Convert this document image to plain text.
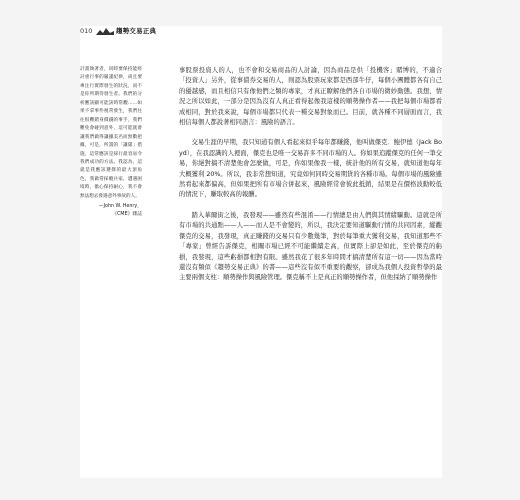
010	趨勢交易正典

計畫執著者，同時要保持能經討重行事的嚴謹紀律，尚且要專注行實際發生的狀況，而不是你所期待發生者。我們的分析應該顯可能該時常觀……如果不拿事件視常發生，我們往往很難錯身價錢的事手，我們難免會碰到意外，這可能就會讓我們做得讓據美名而無數把據，可是，所謂的「讓隊」措施，這常應該是採行最容易令我們成功的方法。我認為，這就是我應該選擇的最大頂角色，我做常採縱兵家，遭遇困境時，擔心保持耐心，我不會無法想去發遇意外事故的人。

—John W. Henry，

《CME》雜誌

事股票投資人的人，也不會和交易商品的人討論，因為商品是供「投機客」賭博的，不適合「投資人」另外，從事債券交易的人，則認為股票玩家都是西部牛仔，每個小團體都各有自己的優越感，而且相信只有像他們之類的專家，才真正瞭解他們各自市場的微妙動態。我想，情況之所以如此，一部分是因為沒有人真正看得起像我這樣的順勢操作者——我把每個市場都看成相同，對於我來說，每個市場都只代表一種交易對象而已。目前，就各種不同層面而言，我相信每個人都說著相同語言：風險的語言。

交易生涯的早期，我只知道有個人看起來似乎每年都賺錢，他叫做傑克．鮑伊德（Jack Boyd），在我認識的人裡面，傑克也是唯一交易許多不同市場的人。你如果追蹤傑克的任何一筆交易，你絕對搞不清楚他會怎麼做，可是，你如果像我一樣，統計他的所有交易，就知道他每年大概獲利 20%。所以，我非常想知道，究竟如何同時交易期貨的各種市場。每個市場的風險雖然看起來都偏高，但如果把所有市場合併起來，風險經常會彼此抵銷，結果是在價格波動較低的情況下，賺取較高的報酬。

踏入華爾街之後，我發現——雖然有些混淆——行情總是由人們與其情緒驅動。這就是所有市場的共通點——人——而人是不會變的，所以，我決定要知道驅動行情的共同因素，縱觀傑克的交易，我發現，真正賺錢的交易只有少數幾筆，對於每筆重大獲利交易，我知道那些不「專家」曾經告訴傑克，相關市場已經不可能繼續走高，但實際上卻是如此，至於傑克的虧損，我發現，這些虧損都相對有限。雖然我花了很多年時間才搞清楚所有這一切——因為當時還沒有類似《趨勢交易正典》的書——這些沒有似不重要的觀察，卻成為我個人投資哲學的最主要兩個支柱：順勢操作與風險管理。傑克稱不上是真正的順勢操作者，但他採納了順勢操作
